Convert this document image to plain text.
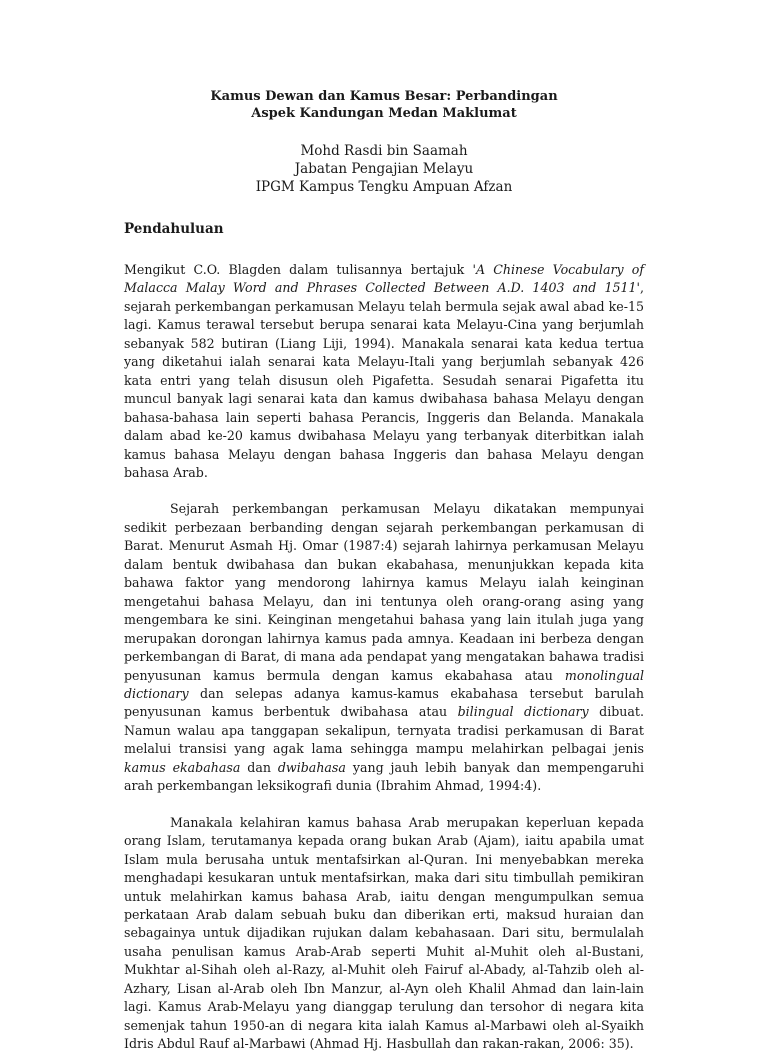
Kamus Dewan dan Kamus Besar: Perbandingan
Aspek Kandungan Medan Maklumat
Mohd Rasdi bin Saamah
Jabatan Pengajian Melayu
IPGM Kampus Tengku Ampuan Afzan
Pendahuluan

Mengikut C.O. Blagden dalam tulisannya bertajuk 'A Chinese Vocabulary of Malacca Malay Word and Phrases Collected Between A.D. 1403 and 1511', sejarah perkembangan perkamusan Melayu telah bermula sejak awal abad ke-15 lagi. Kamus terawal tersebut berupa senarai kata Melayu-Cina yang berjumlah sebanyak 582 butiran (Liang Liji, 1994). Manakala senarai kata kedua tertua yang diketahui ialah senarai kata Melayu-Itali yang berjumlah sebanyak 426 kata entri yang telah disusun oleh Pigafetta. Sesudah senarai Pigafetta itu muncul banyak lagi senarai kata dan kamus dwibahasa bahasa Melayu dengan bahasa-bahasa lain seperti bahasa Perancis, Inggeris dan Belanda. Manakala dalam abad ke-20 kamus dwibahasa Melayu yang terbanyak diterbitkan ialah kamus bahasa Melayu dengan bahasa Inggeris dan bahasa Melayu dengan bahasa Arab.

Sejarah perkembangan perkamusan Melayu dikatakan mempunyai sedikit perbezaan berbanding dengan sejarah perkembangan perkamusan di Barat. Menurut Asmah Hj. Omar (1987:4) sejarah lahirnya perkamusan Melayu dalam bentuk dwibahasa dan bukan ekabahasa, menunjukkan kepada kita bahawa faktor yang mendorong lahirnya kamus Melayu ialah keinginan mengetahui bahasa Melayu, dan ini tentunya oleh orang-orang asing yang mengembara ke sini. Keinginan mengetahui bahasa yang lain itulah juga yang merupakan dorongan lahirnya kamus pada amnya. Keadaan ini berbeza dengan perkembangan di Barat, di mana ada pendapat yang mengatakan bahawa tradisi penyusunan kamus bermula dengan kamus ekabahasa atau monolingual dictionary dan selepas adanya kamus-kamus ekabahasa tersebut barulah penyusunan kamus berbentuk dwibahasa atau bilingual dictionary dibuat. Namun walau apa tanggapan sekalipun, ternyata tradisi perkamusan di Barat melalui transisi yang agak lama sehingga mampu melahirkan pelbagai jenis kamus ekabahasa dan dwibahasa yang jauh lebih banyak dan mempengaruhi arah perkembangan leksikografi dunia (Ibrahim Ahmad, 1994:4).

Manakala kelahiran kamus bahasa Arab merupakan keperluan kepada orang Islam, terutamanya kepada orang bukan Arab (Ajam), iaitu apabila umat Islam mula berusaha untuk mentafsirkan al-Quran. Ini menyebabkan mereka menghadapi kesukaran untuk mentafsirkan, maka dari situ timbullah pemikiran untuk melahirkan kamus bahasa Arab, iaitu dengan mengumpulkan semua perkataan Arab dalam sebuah buku dan diberikan erti, maksud huraian dan sebagainya untuk dijadikan rujukan dalam kebahasaan. Dari situ, bermulalah usaha penulisan kamus Arab-Arab seperti Muhit al-Muhit oleh al-Bustani, Mukhtar al-Sihah oleh al-Razy, al-Muhit oleh Fairuf al-Abady, al-Tahzib oleh al-Azhary, Lisan al-Arab oleh Ibn Manzur, al-Ayn oleh Khalil Ahmad dan lain-lain lagi. Kamus Arab-Melayu yang dianggap terulung dan tersohor di negara kita semenjak tahun 1950-an di negara kita ialah Kamus al-Marbawi oleh al-Syaikh Idris Abdul Rauf al-Marbawi (Ahmad Hj. Hasbullah dan rakan-rakan, 2006: 35).
